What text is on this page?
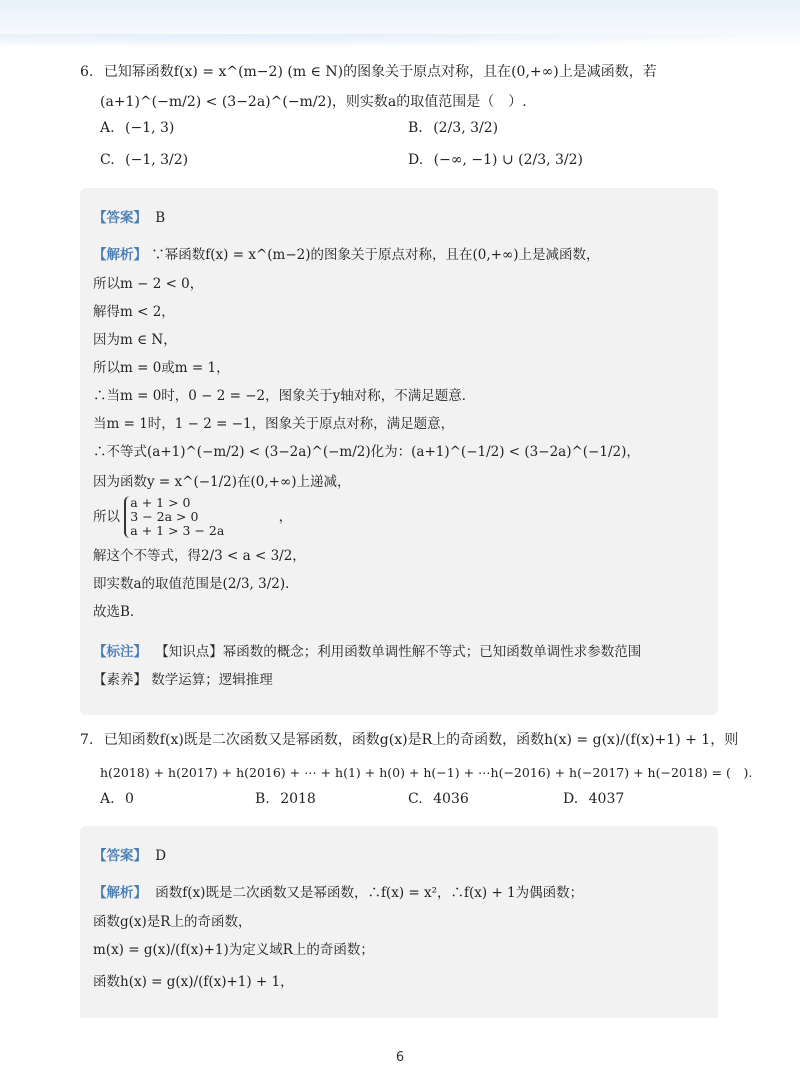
6. 已知幂函数f(x) = x^(m−2) (m ∈ N)的图象关于原点对称，且在(0,+∞)上是减函数，若
(a+1)^(−m/2) < (3−2a)^(−m/2)，则实数a的取值范围是（　）.
A. (−1, 3)	B. (2/3, 3/2)
C. (−1, 3/2)	D. (−∞, −1) ∪ (2/3, 3/2)
【答案】 B
【解析】 ∵幂函数f(x) = x^(m−2)的图象关于原点对称，且在(0,+∞)上是减函数，
所以m − 2 < 0，
解得m < 2，
因为m ∈ N，
所以m = 0或m = 1，
∴当m = 0时，0 − 2 = −2，图象关于y轴对称，不满足题意．
当m = 1时，1 − 2 = −1，图象关于原点对称，满足题意，
∴不等式(a+1)^(−m/2) < (3−2a)^(−m/2)化为：(a+1)^(−1/2) < (3−2a)^(−1/2)，
因为函数y = x^(−1/2)在(0,+∞)上递减，
所以 a + 1 > 0
3 − 2a > 0
a + 1 > 3 − 2a ，
解这个不等式，得2/3 < a < 3/2，
即实数a的取值范围是(2/3, 3/2)．
故选B．
【标注】 【知识点】幂函数的概念；利用函数单调性解不等式；已知函数单调性求参数范围
【素养】 数学运算；逻辑推理
7. 已知函数f(x)既是二次函数又是幂函数，函数g(x)是R上的奇函数，函数h(x) = g(x)/(f(x)+1) + 1，则
h(2018) + h(2017) + h(2016) + ⋯ + h(1) + h(0) + h(−1) + ⋯h(−2016) + h(−2017) + h(−2018) = (　).
A. 0	B. 2018	C. 4036	D. 4037
【答案】 D
【解析】 函数f(x)既是二次函数又是幂函数，∴f(x) = x²，∴f(x) + 1为偶函数；
函数g(x)是R上的奇函数，
m(x) = g(x)/(f(x)+1)为定义域R上的奇函数；
函数h(x) = g(x)/(f(x)+1) + 1，
6
